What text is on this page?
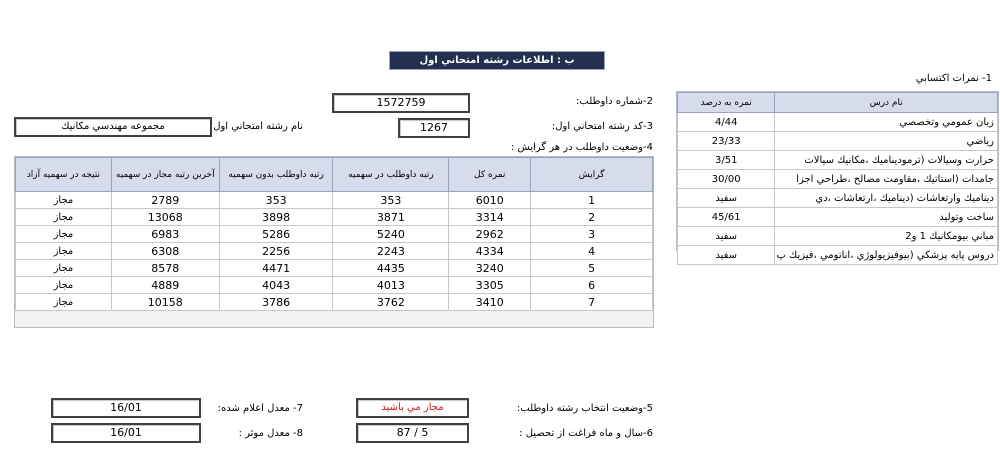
ب : اطلاعات رشته امتحاني اول
1- نمرات اكتسابي
نمره به درصد	نام درس
4/44	زبان عمومي وتخصصي
23/33	رياضي
3/51	حرارت وسيالات (ترموديناميك ،مكانيك سيالات
30/00	جامدات (استاتيك ،مقاومت مصالح ،طراحي اجزا
سفيد	ديناميك وارتعاشات (ديناميك ،ارتعاشات ،دي
45/61	ساخت وتوليد
سفيد	مباني بيومكانيك 1 و2
سفيد	دروس پايه پزشكي (بيوفيزيولوژي ،اناتومي ،فيزيك پ
2-شماره داوطلب:
1572759
3-كد رشته امتحاني اول:
1267
نام رشته امتحاني اول
مجموعه مهندسي مكانيك
4-وضعيت داوطلب در هر گرايش :
نتيجه در سهميه آزاد	آخرين رتبه مجاز در سهميه	رتبه داوطلب بدون سهميه	رتبه داوطلب در سهميه	نمره كل	گرايش
مجاز	2789	353	353	6010	1
مجاز	13068	3898	3871	3314	2
مجاز	6983	5286	5240	2962	3
مجاز	6308	2256	2243	4334	4
مجاز	8578	4471	4435	3240	5
مجاز	4889	4043	4013	3305	6
مجاز	10158	3786	3762	3410	7
5-وضعيت انتخاب رشته داوطلب:
مجاز مي باشيد
6-سال و ماه فراغت از تحصيل :
87 / 5
7- معدل اعلام شده:
16/01
8- معدل موثر :
16/01
